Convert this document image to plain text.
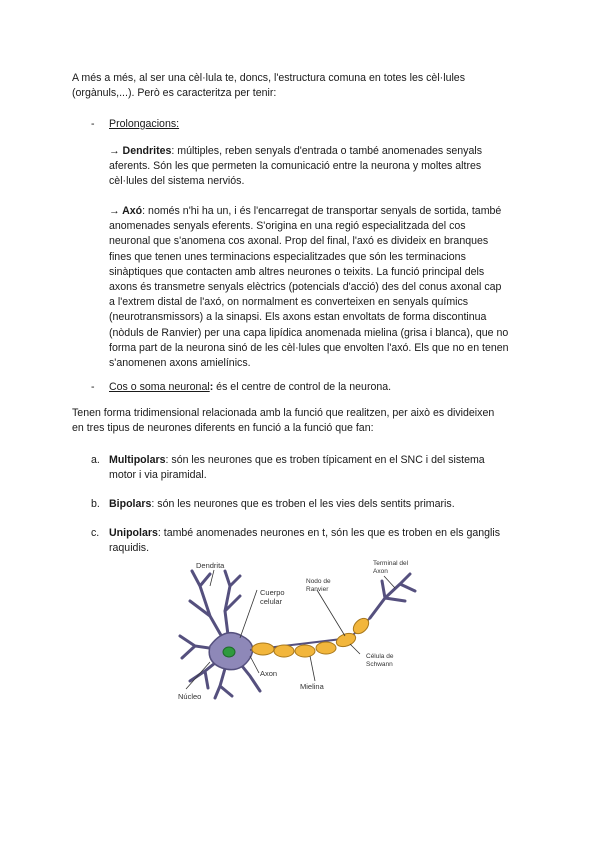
A més a més, al ser una cèl·lula te, doncs, l'estructura comuna en totes les cèl·lules
(orgànuls,...). Però es caracteritza per tenir:

- Prolongacions:

→ Dendrites: múltiples, reben senyals d'entrada o també anomenades senyals
aferents. Són les que permeten la comunicació entre la neurona y moltes altres
cèl·lules del sistema nerviós.

→ Axó: només n'hi ha un, i és l'encarregat de transportar senyals de sortida, també
anomenades senyals eferents. S'origina en una regió especialitzada del cos
neuronal que s'anomena cos axonal. Prop del final, l'axó es divideix en branques
fines que tenen unes terminacions especialitzades que són les terminacions
sinàptiques que contacten amb altres neurones o teixits. La funció principal dels
axons és transmetre senyals elèctrics (potencials d'acció) des del conus axonal cap
a l'extrem distal de l'axó, on normalment es converteixen en senyals químics
(neurotransmissors) a la sinapsi. Els axons estan envoltats de forma discontinua
(nòduls de Ranvier) per una capa lipídica anomenada mielina (grisa i blanca), que no
forma part de la neurona sinó de les cèl·lules que envolten l'axó. Els que no en tenen
s'anomenen axons amielínics.

- Cos o soma neuronal: és el centre de control de la neurona.

Tenen forma tridimensional relacionada amb la funció que realitzen, per això es divideixen
en tres tipus de neurones diferents en funció a la funció que fan:

a. Multipolars: són les neurones que es troben típicament en el SNC i del sistema
motor i via piramidal.

b. Bipolars: són les neurones que es troben el les vies dels sentits primaris.

c. Unipolars: també anomenades neurones en t, són les que es troben en els ganglis
raquidis.

Dendrita
Cuerpo
celular
Nodo de
Ranvier
Terminal del
Axon
Axon
Célula de
Schwann
Mielina
Núcleo
